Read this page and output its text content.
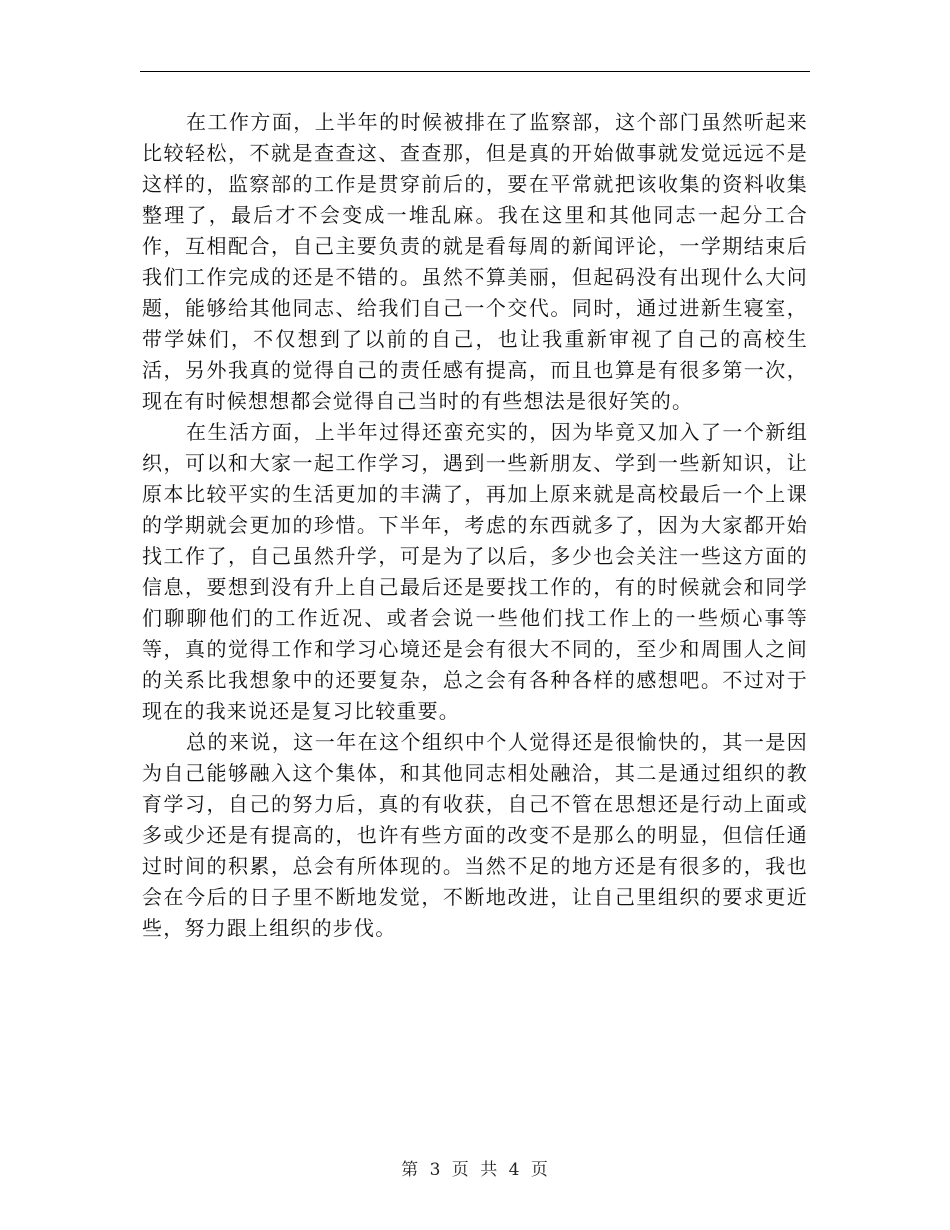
在工作方面，上半年的时候被排在了监察部，这个部门虽然听起来比较轻松，不就是查查这、查查那，但是真的开始做事就发觉远远不是这样的，监察部的工作是贯穿前后的，要在平常就把该收集的资料收集整理了，最后才不会变成一堆乱麻。我在这里和其他同志一起分工合作，互相配合，自己主要负责的就是看每周的新闻评论，一学期结束后我们工作完成的还是不错的。虽然不算美丽，但起码没有出现什么大问题，能够给其他同志、给我们自己一个交代。同时，通过进新生寝室，带学妹们，不仅想到了以前的自己，也让我重新审视了自己的高校生活，另外我真的觉得自己的责任感有提高，而且也算是有很多第一次，现在有时候想想都会觉得自己当时的有些想法是很好笑的。

在生活方面，上半年过得还蛮充实的，因为毕竟又加入了一个新组织，可以和大家一起工作学习，遇到一些新朋友、学到一些新知识，让原本比较平实的生活更加的丰满了，再加上原来就是高校最后一个上课的学期就会更加的珍惜。下半年，考虑的东西就多了，因为大家都开始找工作了，自己虽然升学，可是为了以后，多少也会关注一些这方面的信息，要想到没有升上自己最后还是要找工作的，有的时候就会和同学们聊聊他们的工作近况、或者会说一些他们找工作上的一些烦心事等等，真的觉得工作和学习心境还是会有很大不同的，至少和周围人之间的关系比我想象中的还要复杂，总之会有各种各样的感想吧。不过对于现在的我来说还是复习比较重要。

总的来说，这一年在这个组织中个人觉得还是很愉快的，其一是因为自己能够融入这个集体，和其他同志相处融洽，其二是通过组织的教育学习，自己的努力后，真的有收获，自己不管在思想还是行动上面或多或少还是有提高的，也许有些方面的改变不是那么的明显，但信任通过时间的积累，总会有所体现的。当然不足的地方还是有很多的，我也会在今后的日子里不断地发觉，不断地改进，让自己里组织的要求更近些，努力跟上组织的步伐。

第 3 页 共 4 页
